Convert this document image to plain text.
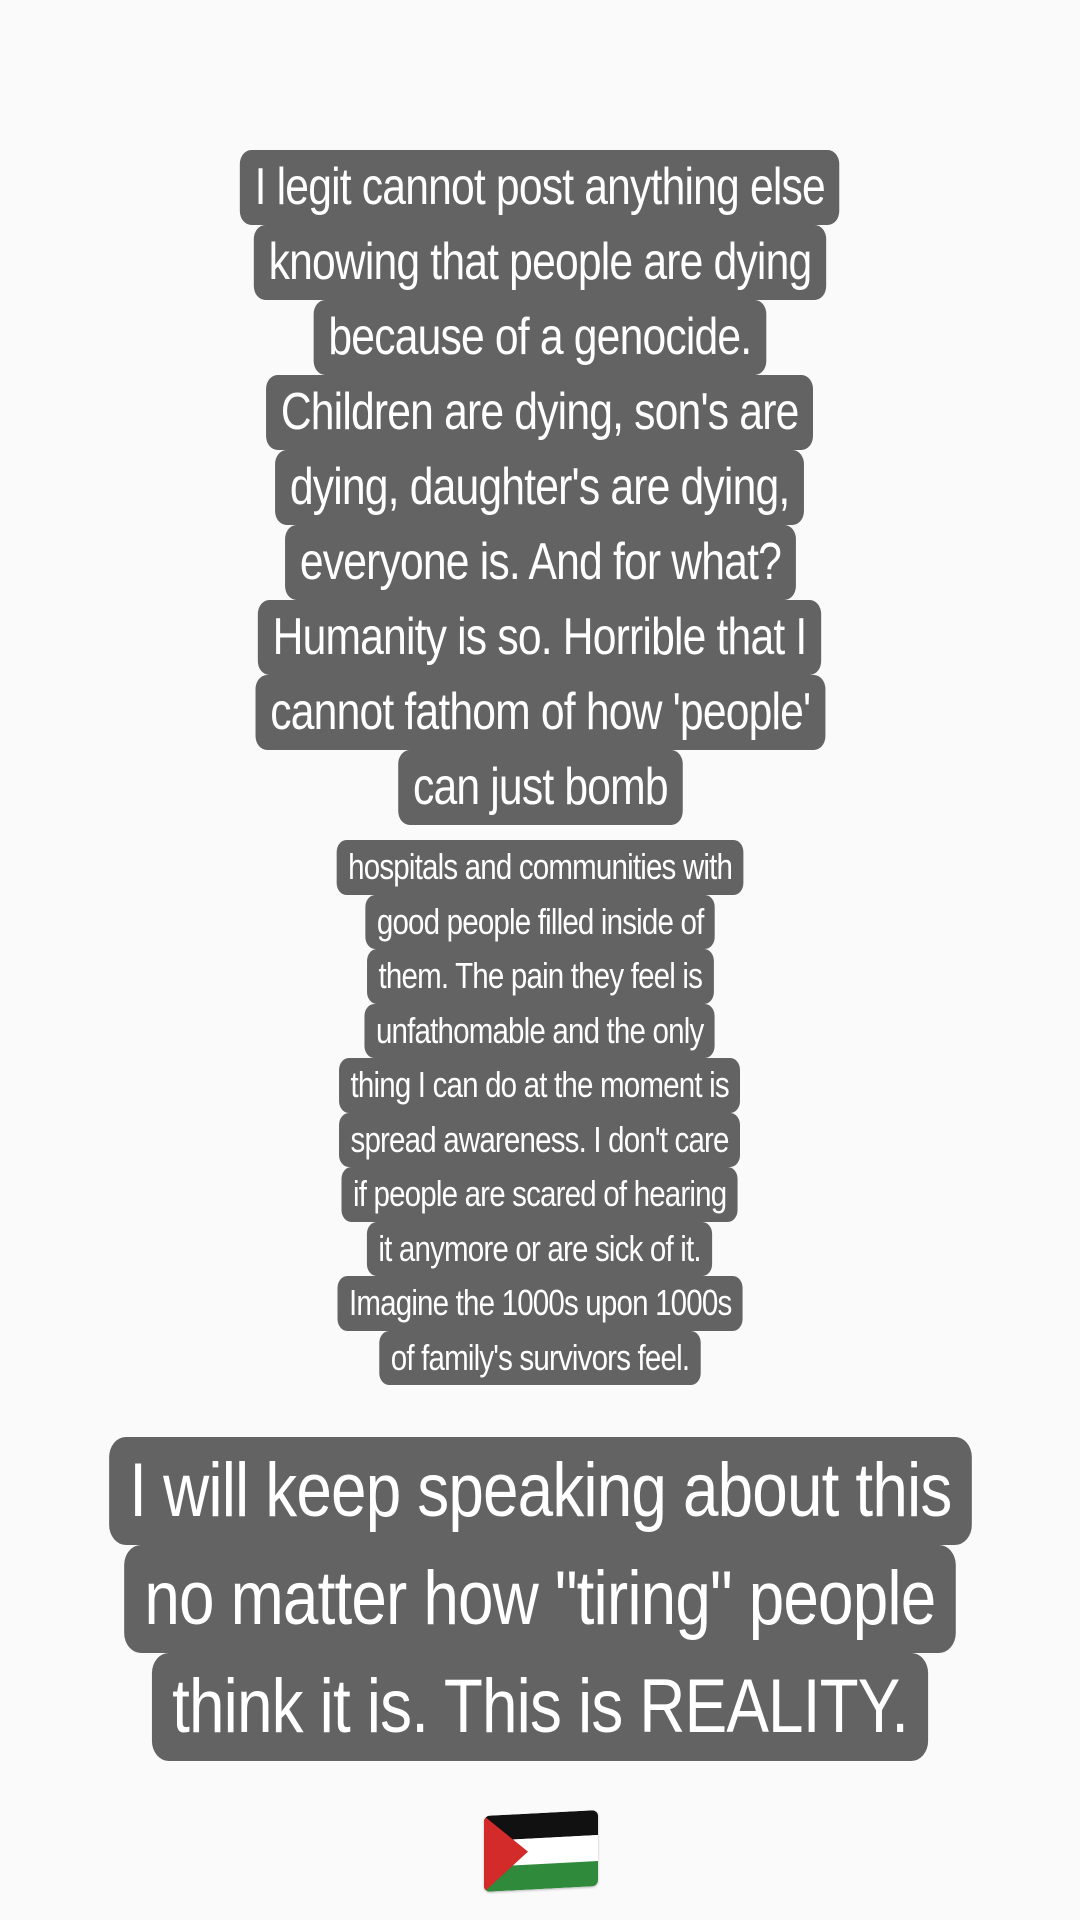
I legit cannot post anything else
knowing that people are dying
because of a genocide.
Children are dying, son's are
dying, daughter's are dying,
everyone is. And for what?
Humanity is so. Horrible that I
cannot fathom of how 'people'
can just bomb
hospitals and communities with
good people filled inside of
them. The pain they feel is
unfathomable and the only
thing I can do at the moment is
spread awareness. I don't care
if people are scared of hearing
it anymore or are sick of it.
Imagine the 1000s upon 1000s
of family's survivors feel.
I will keep speaking about this
no matter how "tiring" people
think it is. This is REALITY.
